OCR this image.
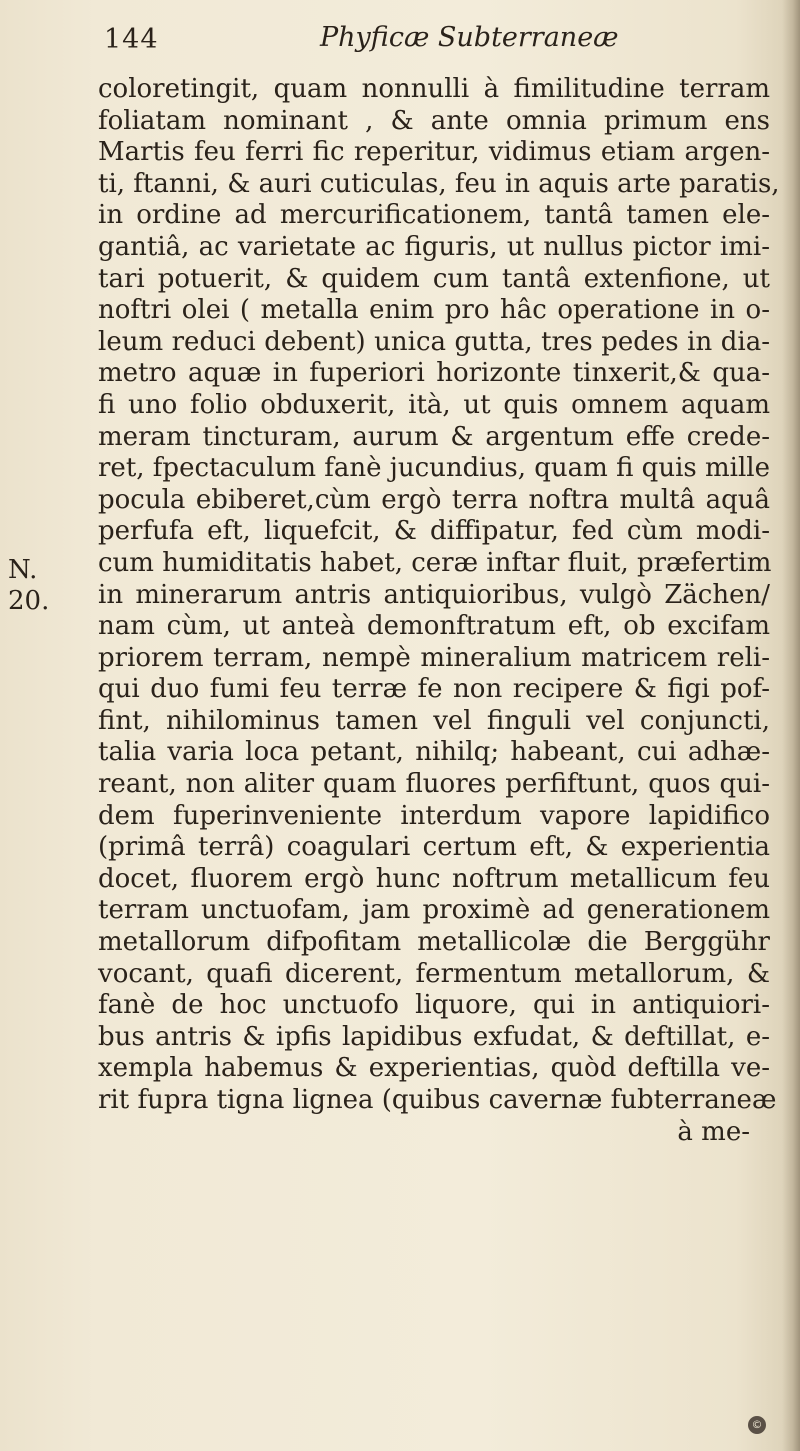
144	Phyficæ Subterraneæ
N.
20.
coloretingit, quam nonnulli à fimilitudine terram
foliatam nominant , & ante omnia primum ens
Martis feu ferri fic reperitur, vidimus etiam argen-
ti, ftanni, & auri cuticulas, feu in aquis arte paratis,
in ordine ad mercurificationem, tantâ tamen ele-
gantiâ, ac varietate ac figuris, ut nullus pictor imi-
tari potuerit, & quidem cum tantâ extenfione, ut
noftri olei ( metalla enim pro hâc operatione in o-
leum reduci debent) unica gutta, tres pedes in dia-
metro aquæ in fuperiori horizonte tinxerit,& qua-
fi uno folio obduxerit, ità, ut quis omnem aquam
meram tincturam, aurum & argentum effe crede-
ret, fpectaculum fanè jucundius, quam fi quis mille
pocula ebiberet,cùm ergò terra noftra multâ aquâ
perfufa eft, liquefcit, & diffipatur, fed cùm modi-
cum humiditatis habet, ceræ inftar fluit, præfertim
in minerarum antris antiquioribus, vulgò Zächen/
nam cùm, ut anteà demonftratum eft, ob excifam
priorem terram, nempè mineralium matricem reli-
qui duo fumi feu terræ fe non recipere & figi pof-
fint, nihilominus tamen vel finguli vel conjuncti,
talia varia loca petant, nihilq; habeant, cui adhæ-
reant, non aliter quam fluores perfiftunt, quos qui-
dem fuperinveniente interdum vapore lapidifico
(primâ terrâ) coagulari certum eft, & experientia
docet, fluorem ergò hunc noftrum metallicum feu
terram unctuofam, jam proximè ad generationem
metallorum difpofitam metallicolæ die Berggühr
vocant, quafi dicerent, fermentum metallorum, &
fanè de hoc unctuofo liquore, qui in antiquiori-
bus antris & ipfis lapidibus exfudat, & deftillat, e-
xempla habemus & experientias, quòd deftilla ve-
rit fupra tigna lignea (quibus cavernæ fubterraneæ
à me-
©
